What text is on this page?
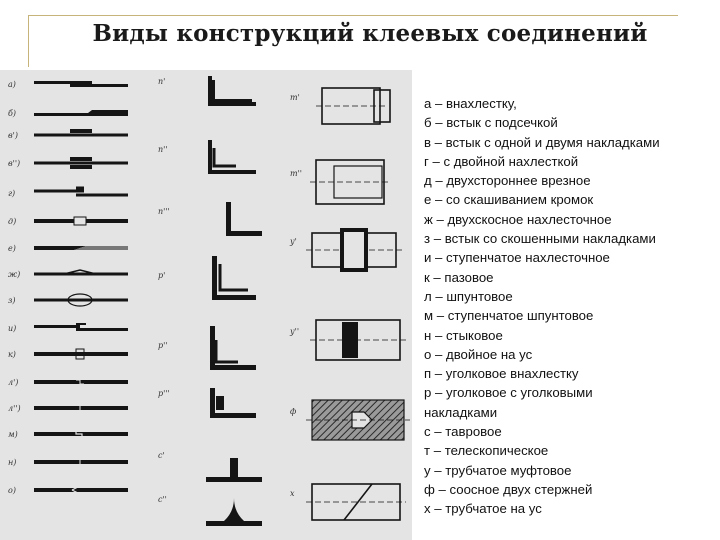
Виды конструкций клеевых соединений
а)
б)
в')
в'')
г)
д)
е)
ж)
з)
и)
к)
л')
л'')
м)
н)
о)
п'
п''
п'''
р'
р''
р'''
с'
с''
т'
т''
у'
у''
ф
х
а – внахлестку,
б – встык с подсечкой
в – встык с одной и двумя накладками
г – с двойной нахлесткой
д – двухстороннее врезное
е – со скашиванием кромок
ж – двухскосное нахлесточное
з – встык со скошенными накладками
и – ступенчатое нахлесточное
к – пазовое
л – шпунтовое
м – ступенчатое шпунтовое
н – стыковое
о – двойное на ус
п – уголковое внахлестку
р – уголковое с уголковыми
накладками
с – тавровое
т – телескопическое
у – трубчатое муфтовое
ф – соосное двух стержней
х – трубчатое на ус
